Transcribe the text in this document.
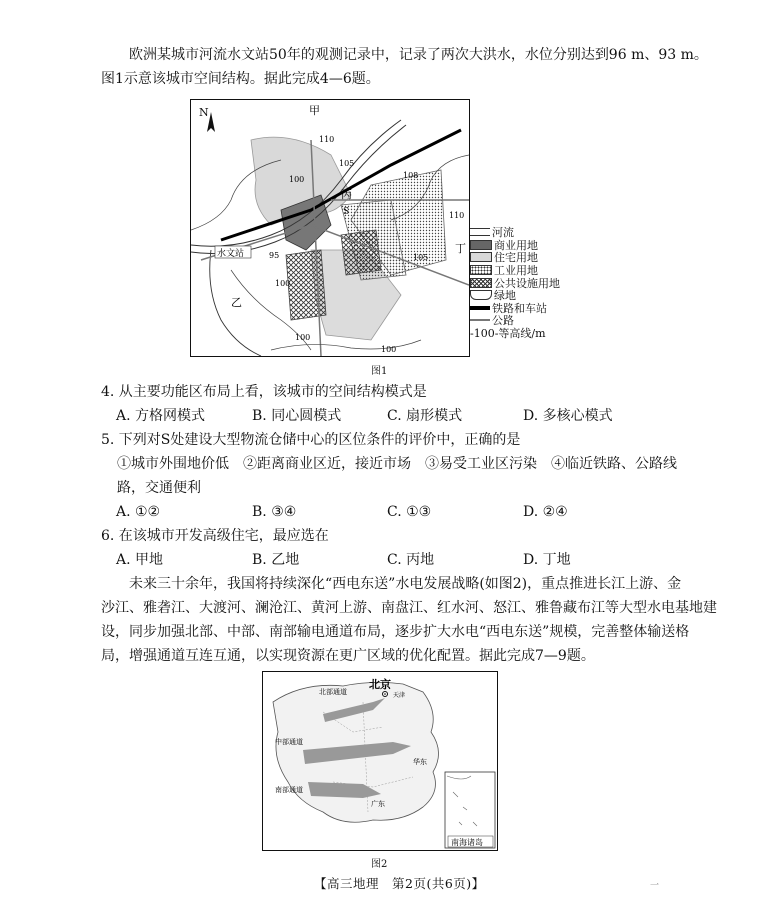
欧洲某城市河流水文站50年的观测记录中，记录了两次大洪水，水位分别达到96 m、93 m。

图1示意该城市空间结构。据此完成4—6题。

N	甲
丙
丁
乙
S
水文站
110
105
100	108
110
105
95
100
100
100
河流
商业用地
住宅用地
工业用地
公共设施用地
绿地
铁路和车站
公路
-100-等高线/m
图1

4. 从主要功能区布局上看，该城市的空间结构模式是

A. 方格网模式	B. 同心圆模式	C. 扇形模式	D. 多核心模式

5. 下列对S处建设大型物流仓储中心的区位条件的评价中，正确的是

①城市外围地价低　②距离商业区近，接近市场　③易受工业区污染　④临近铁路、公路线

路，交通便利

A. ①②	B. ③④	C. ①③	D. ②④

6. 在该城市开发高级住宅，最应选在

A. 甲地	B. 乙地	C. 丙地	D. 丁地

未来三十余年，我国将持续深化“西电东送”水电发展战略(如图2)，重点推进长江上游、金

沙江、雅砻江、大渡河、澜沧江、黄河上游、南盘江、红水河、怒江、雅鲁藏布江等大型水电基地建

设，同步加强北部、中部、南部输电通道布局，逐步扩大水电“西电东送”规模，完善整体输送格

局，增强通道互连互通，以实现资源在更广区域的优化配置。据此完成7—9题。

北京
天津
北部通道
中部通道
南部通道
华东
广东
南海诸岛
图2
【高三地理　第2页(共6页)】	一
